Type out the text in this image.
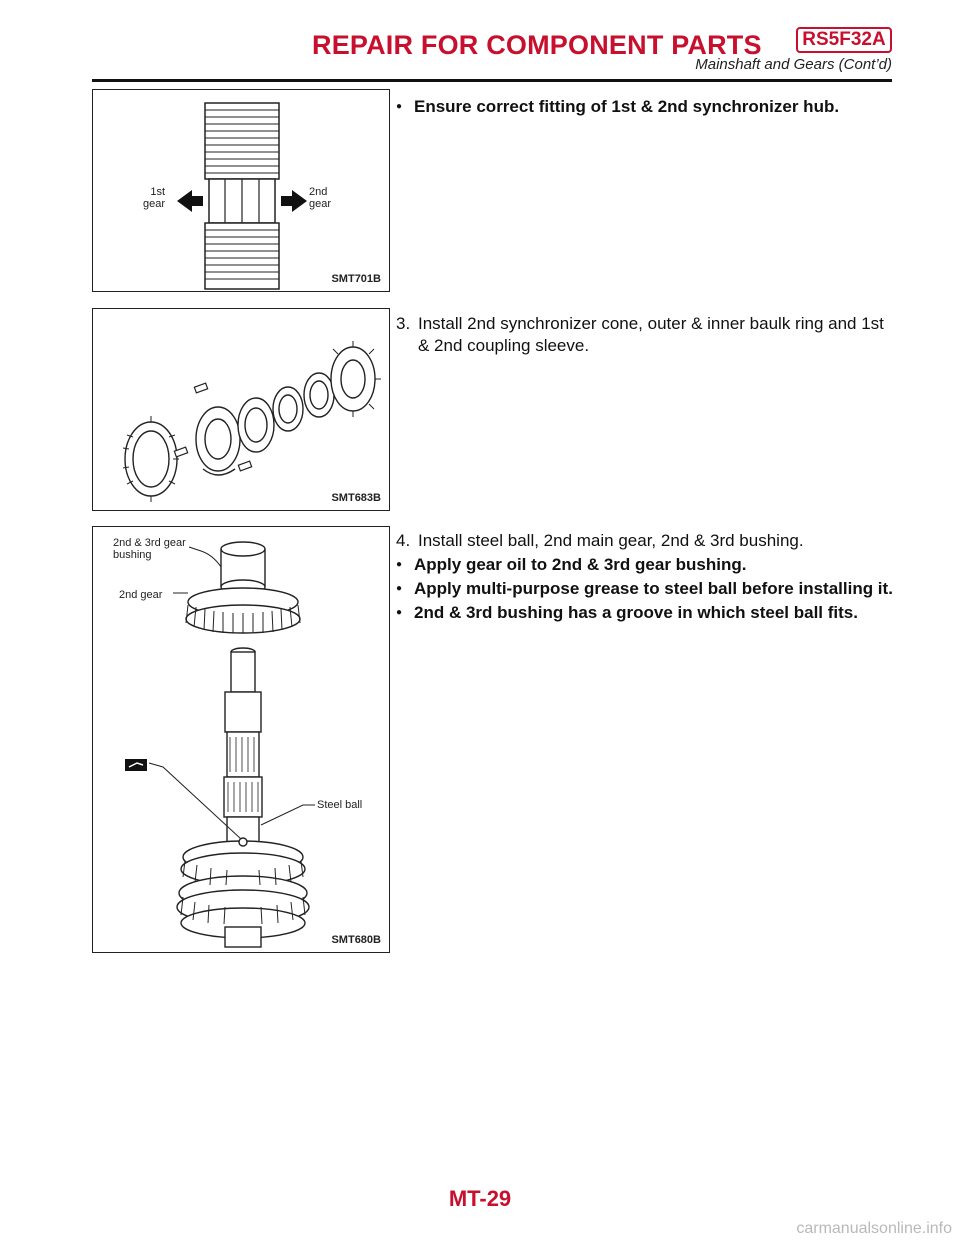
REPAIR FOR COMPONENT PARTS	RS5F32A
Mainshaft and Gears (Cont’d)
1st
gear
2nd
gear
SMT701B
SMT683B
2nd & 3rd gear
bushing
2nd gear
Steel ball
SMT680B
● Ensure correct fitting of 1st & 2nd synchronizer hub.
3. Install 2nd synchronizer cone, outer & inner baulk ring and 1st
& 2nd coupling sleeve.
4. Install steel ball, 2nd main gear, 2nd & 3rd bushing.
● Apply gear oil to 2nd & 3rd gear bushing.
● Apply multi-purpose grease to steel ball before installing it.
● 2nd & 3rd bushing has a groove in which steel ball fits.
MT-29
carmanualsonline.info
